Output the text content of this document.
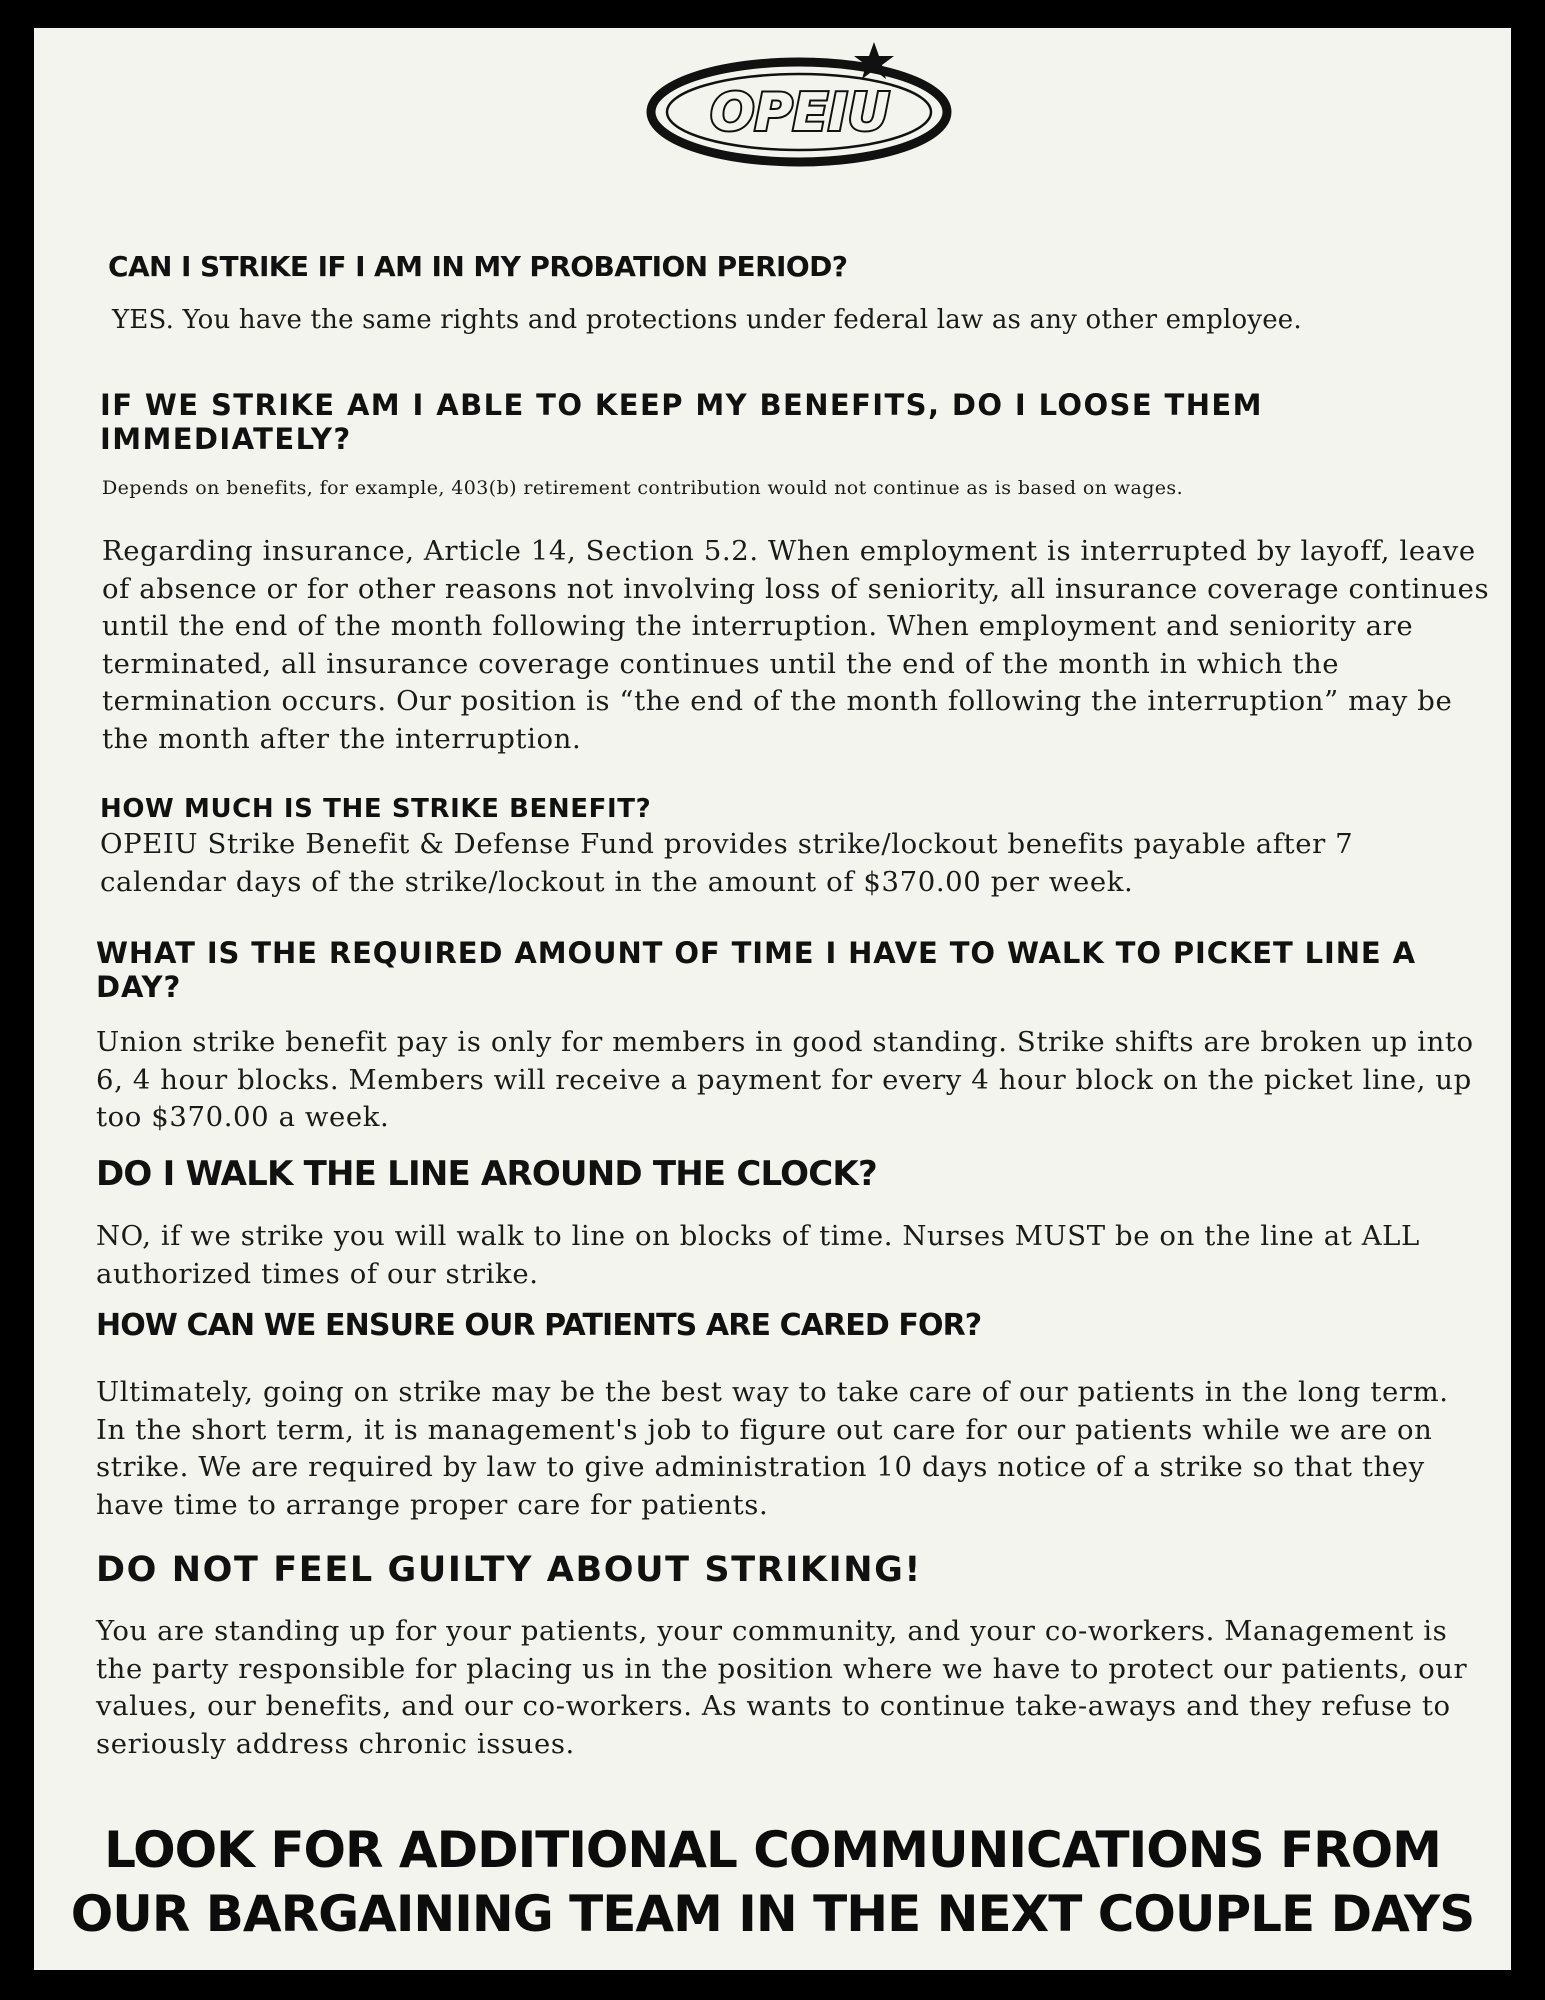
OPEIU
CAN I STRIKE IF I AM IN MY PROBATION PERIOD?

YES. You have the same rights and protections under federal law as any other employee.

IF WE STRIKE AM I ABLE TO KEEP MY BENEFITS, DO I LOOSE THEM IMMEDIATELY?

Depends on benefits, for example, 403(b) retirement contribution would not continue as is based on wages.

Regarding insurance, Article 14, Section 5.2. When employment is interrupted by layoff, leave of absence or for other reasons not involving loss of seniority, all insurance coverage continues until the end of the month following the interruption. When employment and seniority are terminated, all insurance coverage continues until the end of the month in which the termination occurs. Our position is “the end of the month following the interruption” may be the month after the interruption.

HOW MUCH IS THE STRIKE BENEFIT?

OPEIU Strike Benefit & Defense Fund provides strike/lockout benefits payable after 7 calendar days of the strike/lockout in the amount of $370.00 per week.

WHAT IS THE REQUIRED AMOUNT OF TIME I HAVE TO WALK TO PICKET LINE A DAY?

Union strike benefit pay is only for members in good standing. Strike shifts are broken up into 6, 4 hour blocks. Members will receive a payment for every 4 hour block on the picket line, up too $370.00 a week.

DO I WALK THE LINE AROUND THE CLOCK?

NO, if we strike you will walk to line on blocks of time. Nurses MUST be on the line at ALL authorized times of our strike.

HOW CAN WE ENSURE OUR PATIENTS ARE CARED FOR?

Ultimately, going on strike may be the best way to take care of our patients in the long term. In the short term, it is management's job to figure out care for our patients while we are on strike. We are required by law to give administration 10 days notice of a strike so that they have time to arrange proper care for patients.

DO NOT FEEL GUILTY ABOUT STRIKING!

You are standing up for your patients, your community, and your co-workers. Management is the party responsible for placing us in the position where we have to protect our patients, our values, our benefits, and our co-workers. As wants to continue take-aways and they refuse to seriously address chronic issues.

LOOK FOR ADDITIONAL COMMUNICATIONS FROM
OUR BARGAINING TEAM IN THE NEXT COUPLE DAYS
